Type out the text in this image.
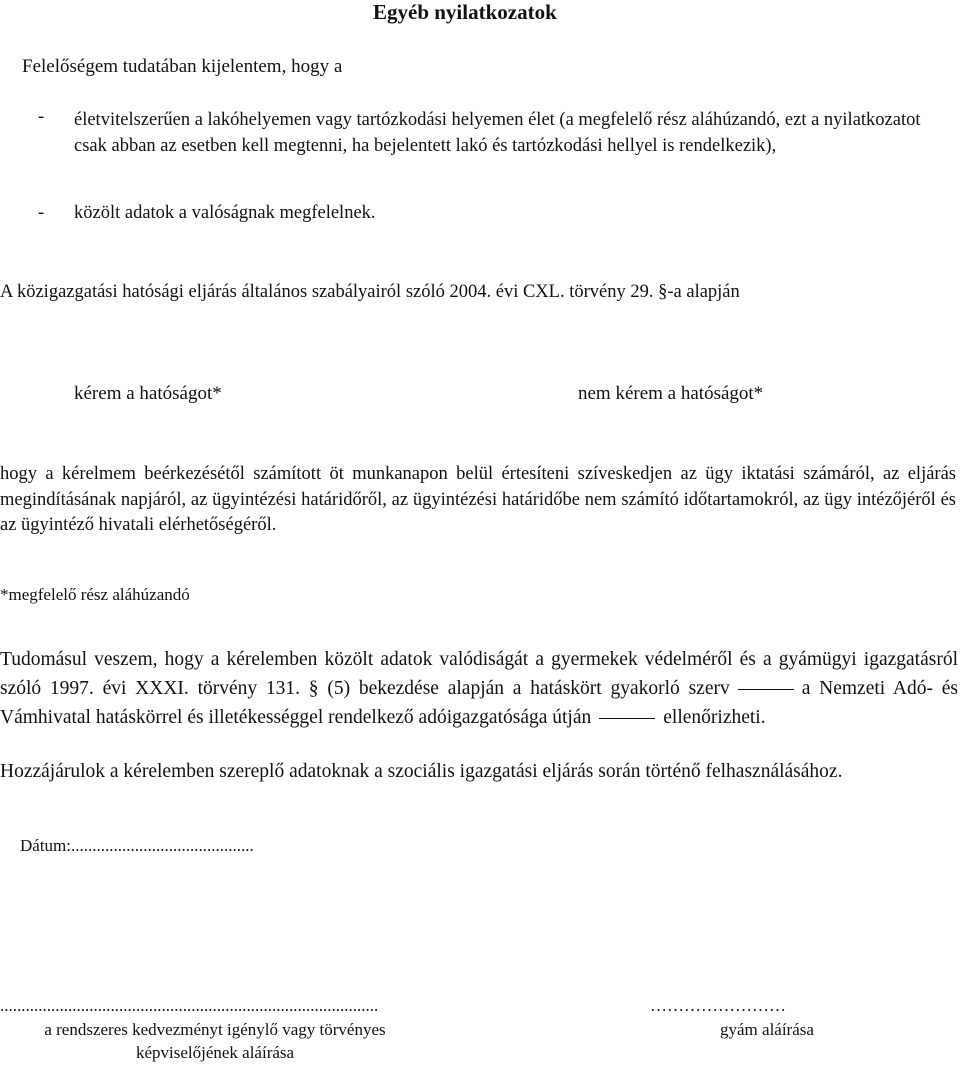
Egyéb nyilatkozatok
Felelőségem tudatában kijelentem, hogy a
- életvitelszerűen a lakóhelyemen vagy tartózkodási helyemen élet (a megfelelő rész aláhúzandó, ezt a nyilatkozatot csak abban az esetben kell megtenni, ha bejelentett lakó és tartózkodási hellyel is rendelkezik),
- közölt adatok a valóságnak megfelelnek.
A közigazgatási hatósági eljárás általános szabályairól szóló 2004. évi CXL. törvény 29. §-a alapján
kérem a hatóságot*	nem kérem a hatóságot*
hogy a kérelmem beérkezésétől számított öt munkanapon belül értesíteni szíveskedjen az ügy iktatási számáról, az eljárás megindításának napjáról, az ügyintézési határidőről, az ügyintézési határidőbe nem számító időtartamokról, az ügy intézőjéről és az ügyintéző hivatali elérhetőségéről.
*megfelelő rész aláhúzandó
Tudomásul veszem, hogy a kérelemben közölt adatok valódiságát a gyermekek védelméről és a gyámügyi igazgatásról szóló 1997. évi XXXI. törvény 131. § (5) bekezdése alapján a hatáskört gyakorló szerv	a Nemzeti Adó- és Vámhivatal hatáskörrel és illetékességgel rendelkező adóigazgatósága útján	ellenőrizheti.
Hozzájárulok a kérelemben szereplő adatoknak a szociális igazgatási eljárás során történő felhasználásához.
Dátum:...........................................
.........................................................................................	……………………
a rendszeres kedvezményt igénylő vagy törvényes képviselőjének aláírása
gyám aláírása
